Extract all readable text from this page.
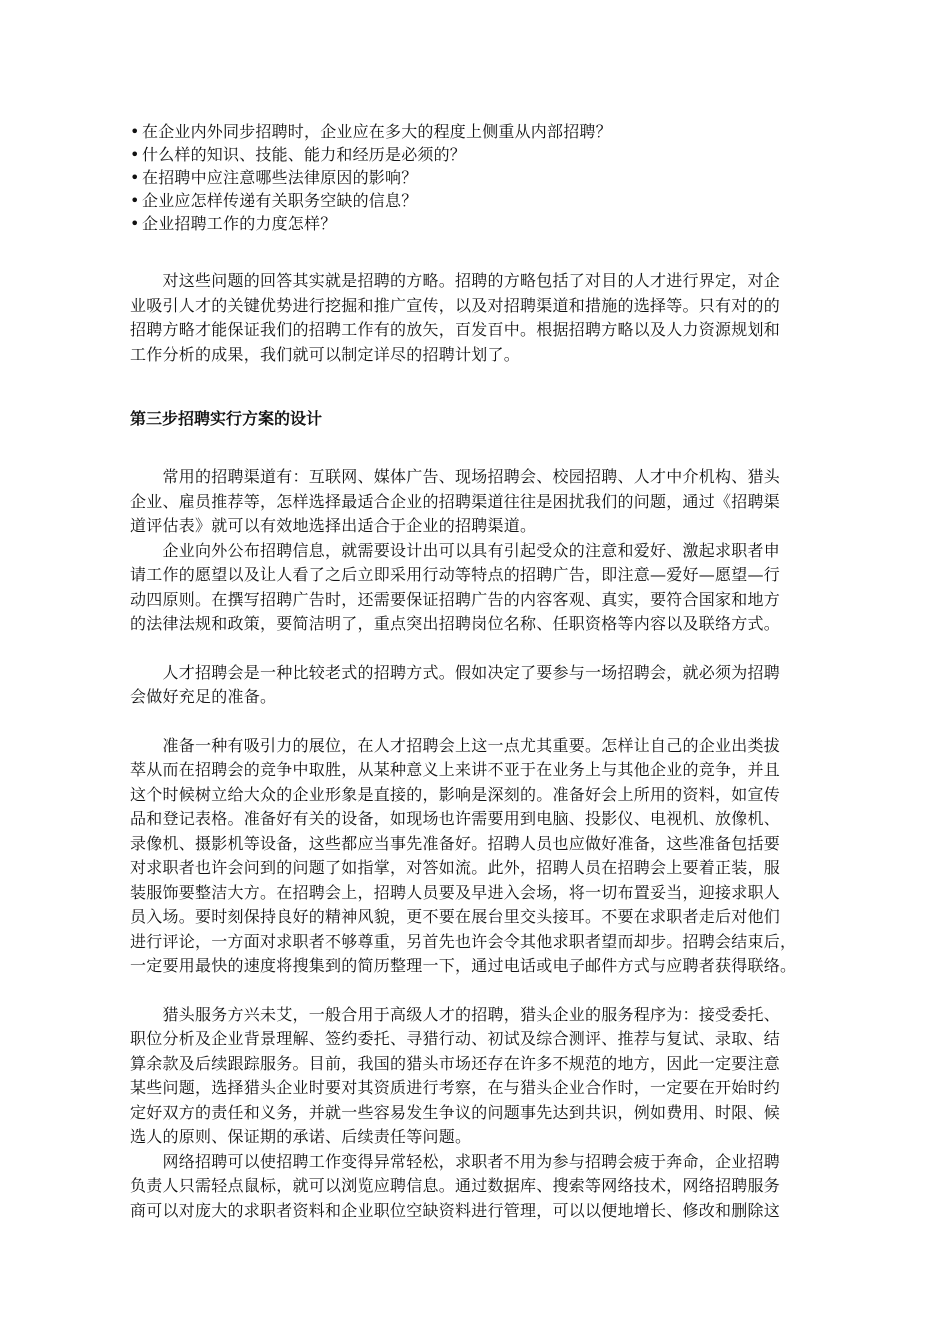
• 在企业内外同步招聘时，企业应在多大的程度上侧重从内部招聘？
• 什么样的知识、技能、能力和经历是必须的？
• 在招聘中应注意哪些法律原因的影响？
• 企业应怎样传递有关职务空缺的信息？
• 企业招聘工作的力度怎样？

　　对这些问题的回答其实就是招聘的方略。招聘的方略包括了对目的人才进行界定，对企
业吸引人才的关键优势进行挖掘和推广宣传，以及对招聘渠道和措施的选择等。只有对的的
招聘方略才能保证我们的招聘工作有的放矢，百发百中。根据招聘方略以及人力资源规划和
工作分析的成果，我们就可以制定详尽的招聘计划了。

第三步招聘实行方案的设计

　　常用的招聘渠道有：互联网、媒体广告、现场招聘会、校园招聘、人才中介机构、猎头
企业、雇员推荐等，怎样选择最适合企业的招聘渠道往往是困扰我们的问题，通过《招聘渠
道评估表》就可以有效地选择出适合于企业的招聘渠道。

　　企业向外公布招聘信息，就需要设计出可以具有引起受众的注意和爱好、激起求职者申
请工作的愿望以及让人看了之后立即采用行动等特点的招聘广告，即注意—爱好—愿望—行
动四原则。在撰写招聘广告时，还需要保证招聘广告的内容客观、真实，要符合国家和地方
的法律法规和政策，要简洁明了，重点突出招聘岗位名称、任职资格等内容以及联络方式。

　　人才招聘会是一种比较老式的招聘方式。假如决定了要参与一场招聘会，就必须为招聘
会做好充足的准备。

　　准备一种有吸引力的展位，在人才招聘会上这一点尤其重要。怎样让自己的企业出类拔
萃从而在招聘会的竞争中取胜，从某种意义上来讲不亚于在业务上与其他企业的竞争，并且
这个时候树立给大众的企业形象是直接的，影响是深刻的。准备好会上所用的资料，如宣传
品和登记表格。准备好有关的设备，如现场也许需要用到电脑、投影仪、电视机、放像机、
录像机、摄影机等设备，这些都应当事先准备好。招聘人员也应做好准备，这些准备包括要
对求职者也许会问到的问题了如指掌，对答如流。此外，招聘人员在招聘会上要着正装，服
装服饰要整洁大方。在招聘会上，招聘人员要及早进入会场，将一切布置妥当，迎接求职人
员入场。要时刻保持良好的精神风貌，更不要在展台里交头接耳。不要在求职者走后对他们
进行评论，一方面对求职者不够尊重，另首先也许会令其他求职者望而却步。招聘会结束后，
一定要用最快的速度将搜集到的简历整理一下，通过电话或电子邮件方式与应聘者获得联络。

　　猎头服务方兴未艾，一般合用于高级人才的招聘，猎头企业的服务程序为：接受委托、
职位分析及企业背景理解、签约委托、寻猎行动、初试及综合测评、推荐与复试、录取、结
算余款及后续跟踪服务。目前，我国的猎头市场还存在许多不规范的地方，因此一定要注意
某些问题，选择猎头企业时要对其资质进行考察，在与猎头企业合作时，一定要在开始时约
定好双方的责任和义务，并就一些容易发生争议的问题事先达到共识，例如费用、时限、候
选人的原则、保证期的承诺、后续责任等问题。

　　网络招聘可以使招聘工作变得异常轻松，求职者不用为参与招聘会疲于奔命，企业招聘
负责人只需轻点鼠标，就可以浏览应聘信息。通过数据库、搜索等网络技术，网络招聘服务
商可以对庞大的求职者资料和企业职位空缺资料进行管理，可以以便地增长、修改和删除这
